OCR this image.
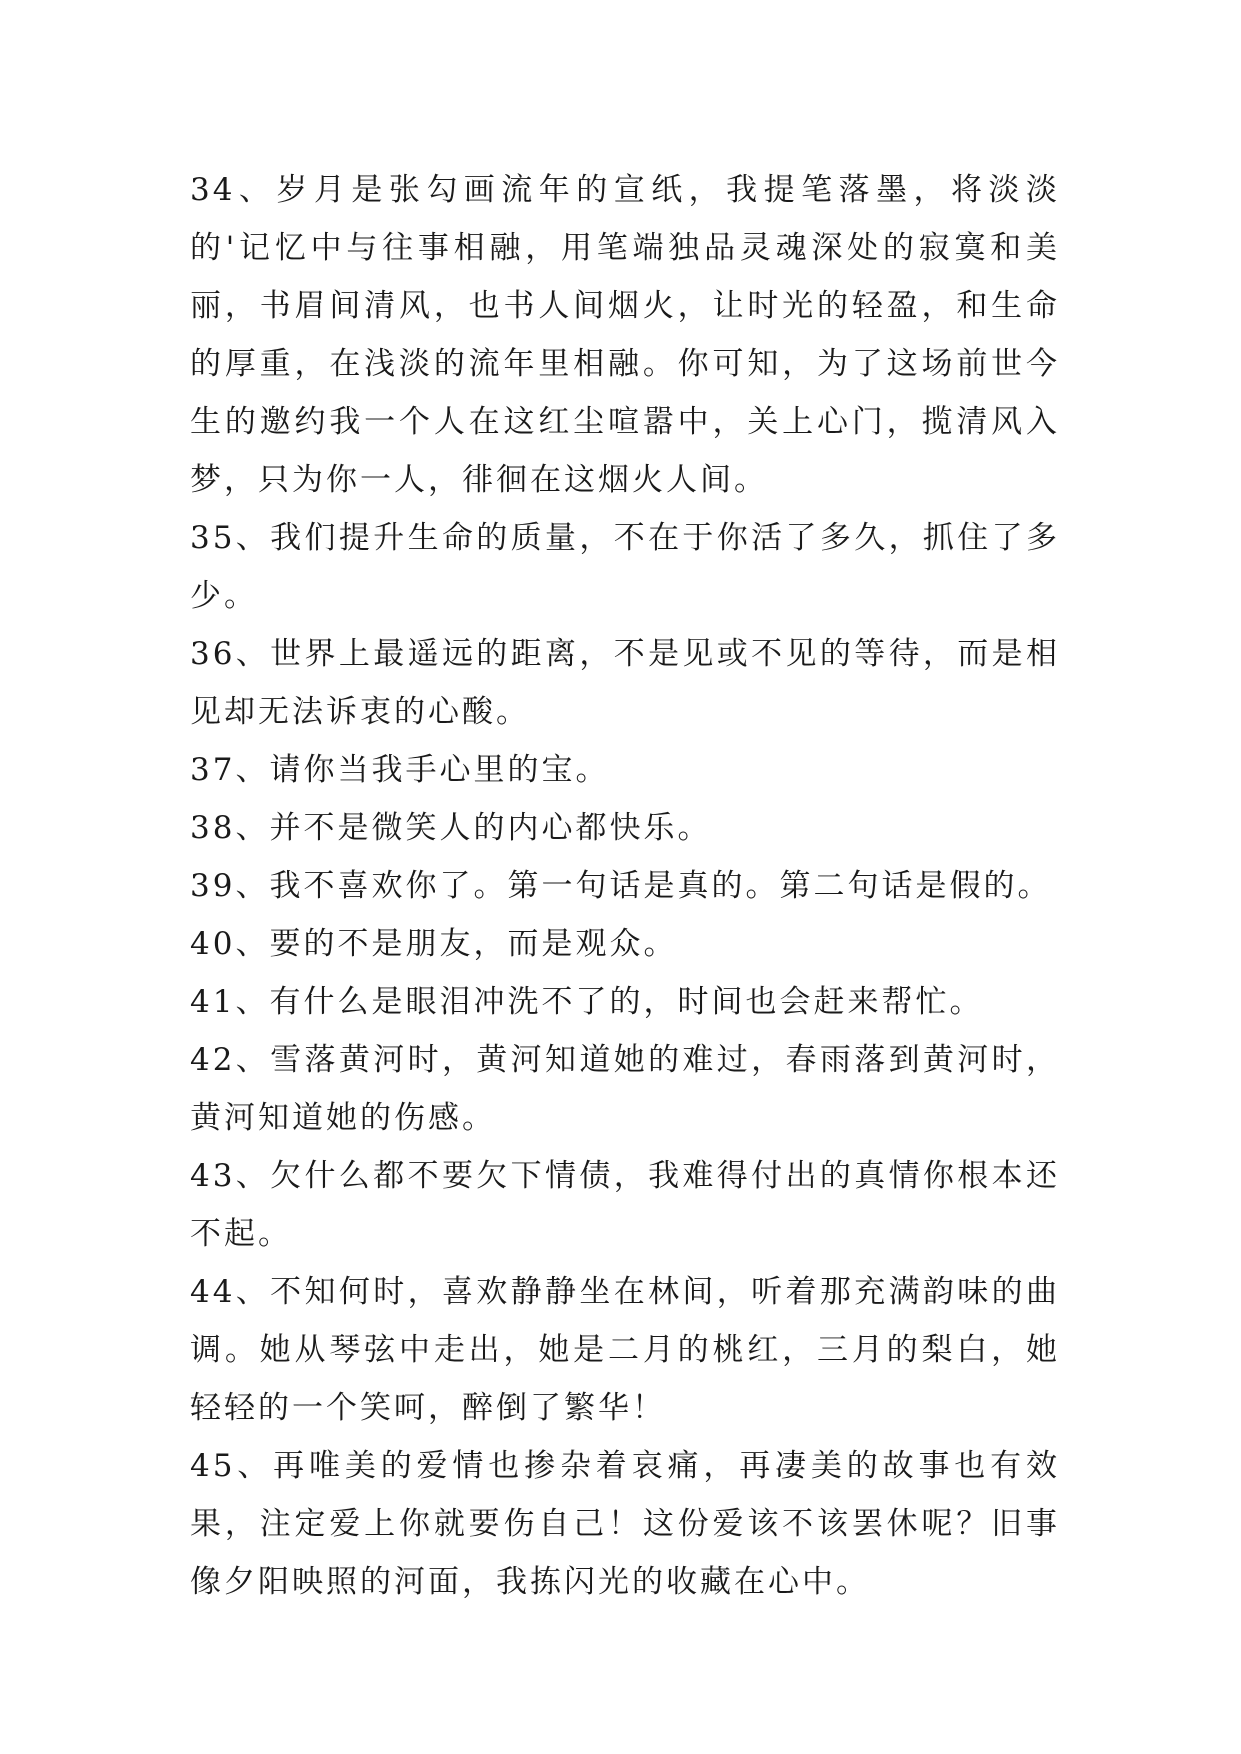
34、岁月是张勾画流年的宣纸，我提笔落墨，将淡淡的'记忆中与往事相融，用笔端独品灵魂深处的寂寞和美丽，书眉间清风，也书人间烟火，让时光的轻盈，和生命的厚重，在浅淡的流年里相融。你可知，为了这场前世今生的邀约我一个人在这红尘喧嚣中，关上心门，揽清风入梦，只为你一人，徘徊在这烟火人间。

35、我们提升生命的质量，不在于你活了多久，抓住了多少。

36、世界上最遥远的距离，不是见或不见的等待，而是相见却无法诉衷的心酸。

37、请你当我手心里的宝。

38、并不是微笑人的内心都快乐。

39、我不喜欢你了。第一句话是真的。第二句话是假的。

40、要的不是朋友，而是观众。

41、有什么是眼泪冲洗不了的，时间也会赶来帮忙。

42、雪落黄河时，黄河知道她的难过，春雨落到黄河时，黄河知道她的伤感。

43、欠什么都不要欠下情债，我难得付出的真情你根本还不起。

44、不知何时，喜欢静静坐在林间，听着那充满韵味的曲调。她从琴弦中走出，她是二月的桃红，三月的梨白，她轻轻的一个笑呵，醉倒了繁华！

45、再唯美的爱情也掺杂着哀痛，再凄美的故事也有效果，注定爱上你就要伤自己！这份爱该不该罢休呢？旧事像夕阳映照的河面，我拣闪光的收藏在心中。
